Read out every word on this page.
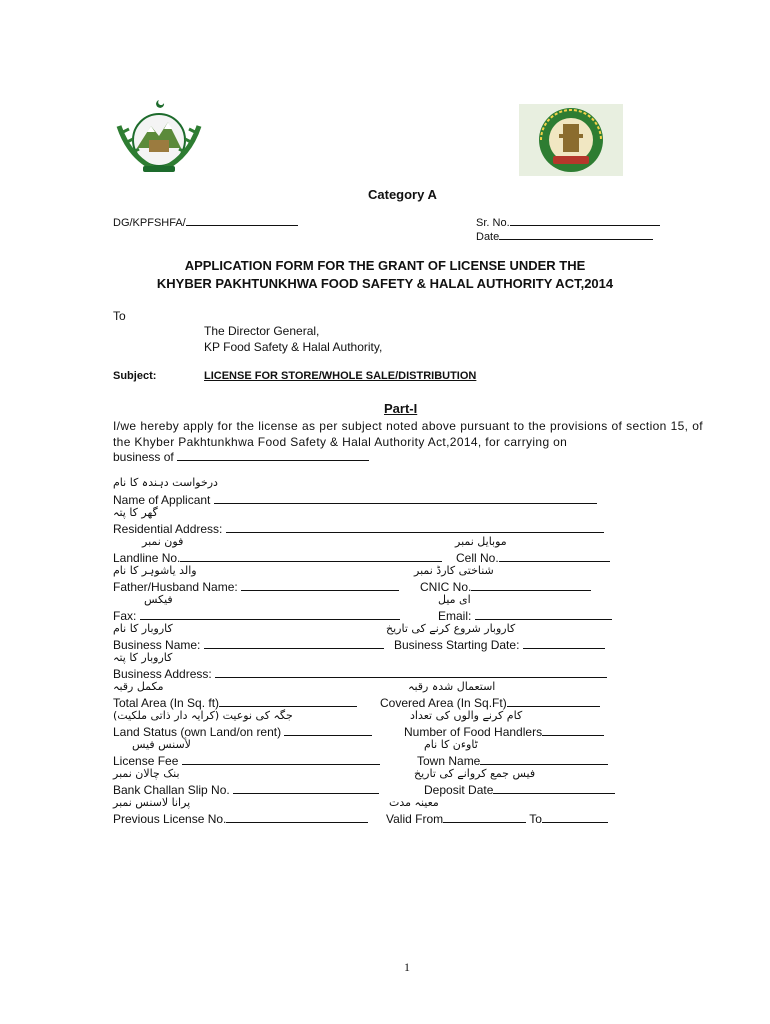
Category A
DG/KPFSHFA/	Sr. No.
Date
APPLICATION FORM FOR THE GRANT OF LICENSE UNDER THE
KHYBER PAKHTUNKHWA FOOD SAFETY & HALAL AUTHORITY ACT,2014
To
The Director General,
KP Food Safety & Halal Authority,
Subject:	LICENSE FOR STORE/WHOLE SALE/DISTRIBUTION
Part-I
I/we hereby apply for the license as per subject noted above pursuant to the provisions of section 15, of the Khyber Pakhtunkhwa Food Safety & Halal Authority Act,2014, for carrying on
business of
درخواست دہندہ کا نام
Name of Applicant
گھر کا پتہ
Residential Address:
فون نمبر	موبایل نمبر
Landline No.	Cell No.
والد یاشوہر کا نام	شناختی کارڈ نمبر
Father/Husband Name:	CNIC No.
فیکس	ای میل
Fax:	Email:
کاروبار کا نام	کاروبار شروع کرنے کی تاریخ
Business Name:	Business Starting Date:
کاروبار کا پتہ
Business Address:
مکمل رقبہ	استعمال شدہ رقبہ
Total Area (In Sq. ft)	Covered Area (In Sq.Ft)
جگہ کی نوعیت (کرایہ دار ذاتی ملکیت)	کام کرنے والوں کی تعداد
Land Status (own Land/on rent)	Number of Food Handlers
لأسنس فیس	ٹاوءن کا نام
License Fee	Town Name
بنک چالان نمبر	فیس جمع کروانے کی تاریخ
Bank Challan Slip No.	Deposit Date
پرانا لاسنس نمبر	معینہ مدت
Previous License No.	Valid From	To
1
